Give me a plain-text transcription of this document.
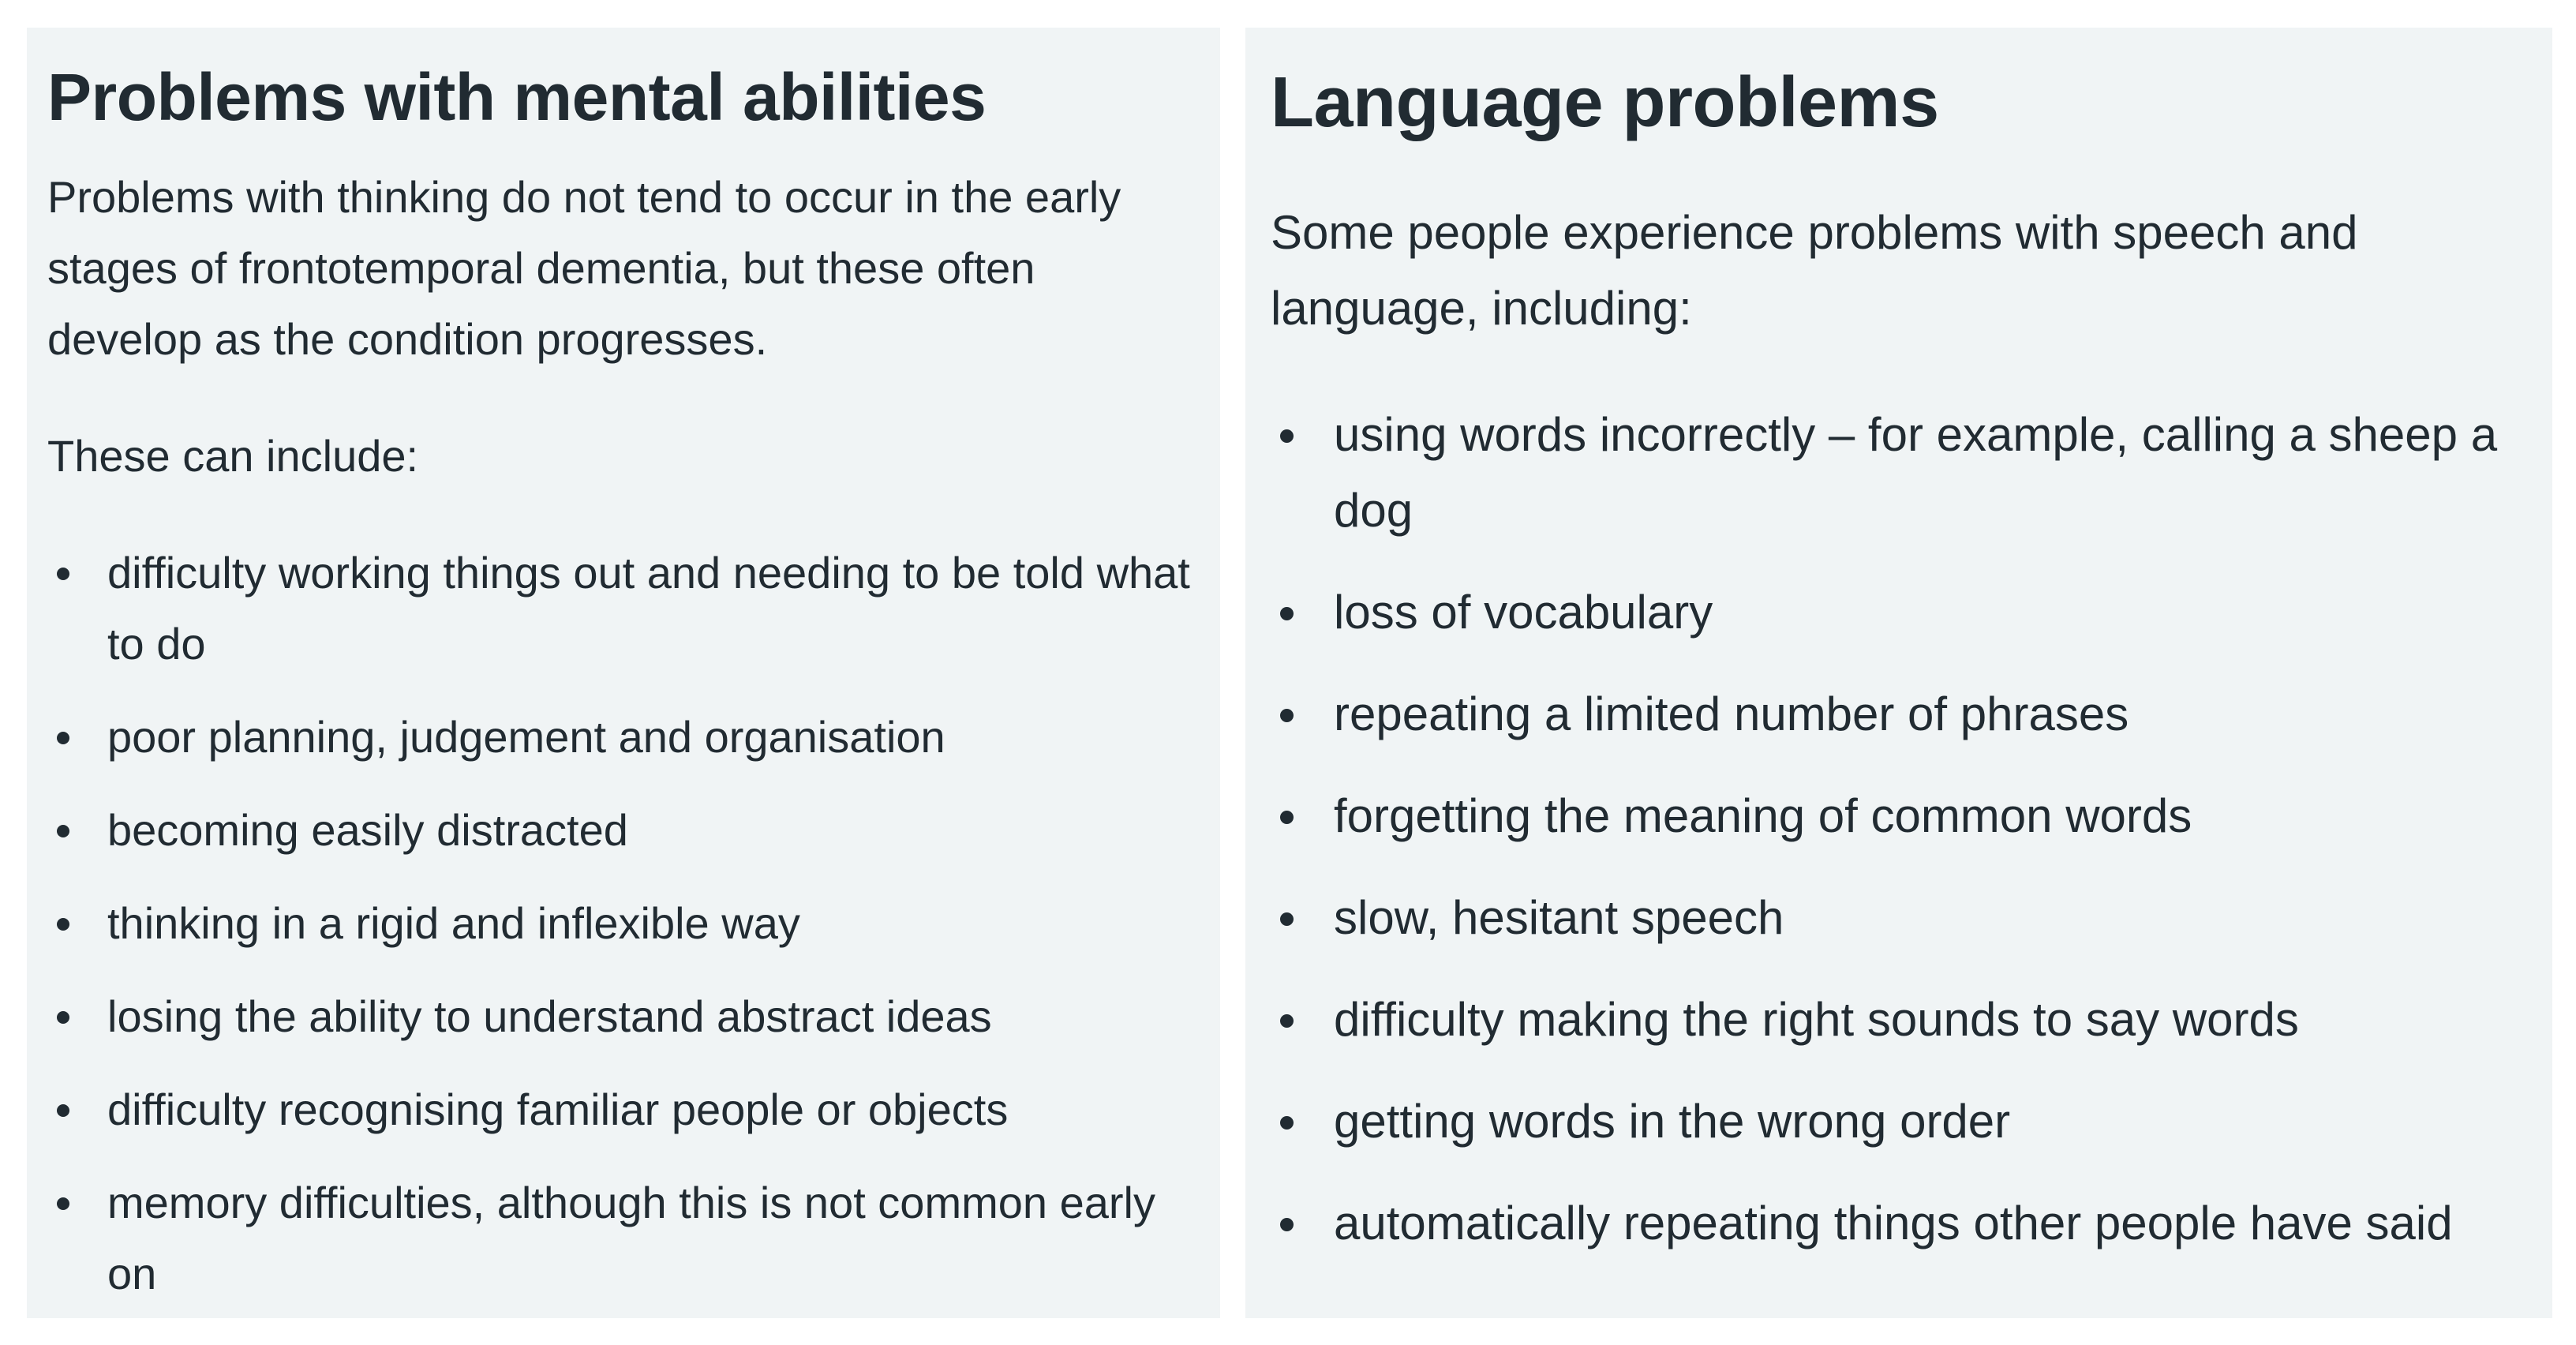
Problems with mental abilities

Problems with thinking do not tend to occur in the early stages of frontotemporal dementia, but these often develop as the condition progresses.

These can include:

difficulty working things out and needing to be told what to do
poor planning, judgement and organisation
becoming easily distracted
thinking in a rigid and inflexible way
losing the ability to understand abstract ideas
difficulty recognising familiar people or objects
memory difficulties, although this is not common early on
Language problems

Some people experience problems with speech and language, including:

using words incorrectly – for example, calling a sheep a dog
loss of vocabulary
repeating a limited number of phrases
forgetting the meaning of common words
slow, hesitant speech
difficulty making the right sounds to say words
getting words in the wrong order
automatically repeating things other people have said
